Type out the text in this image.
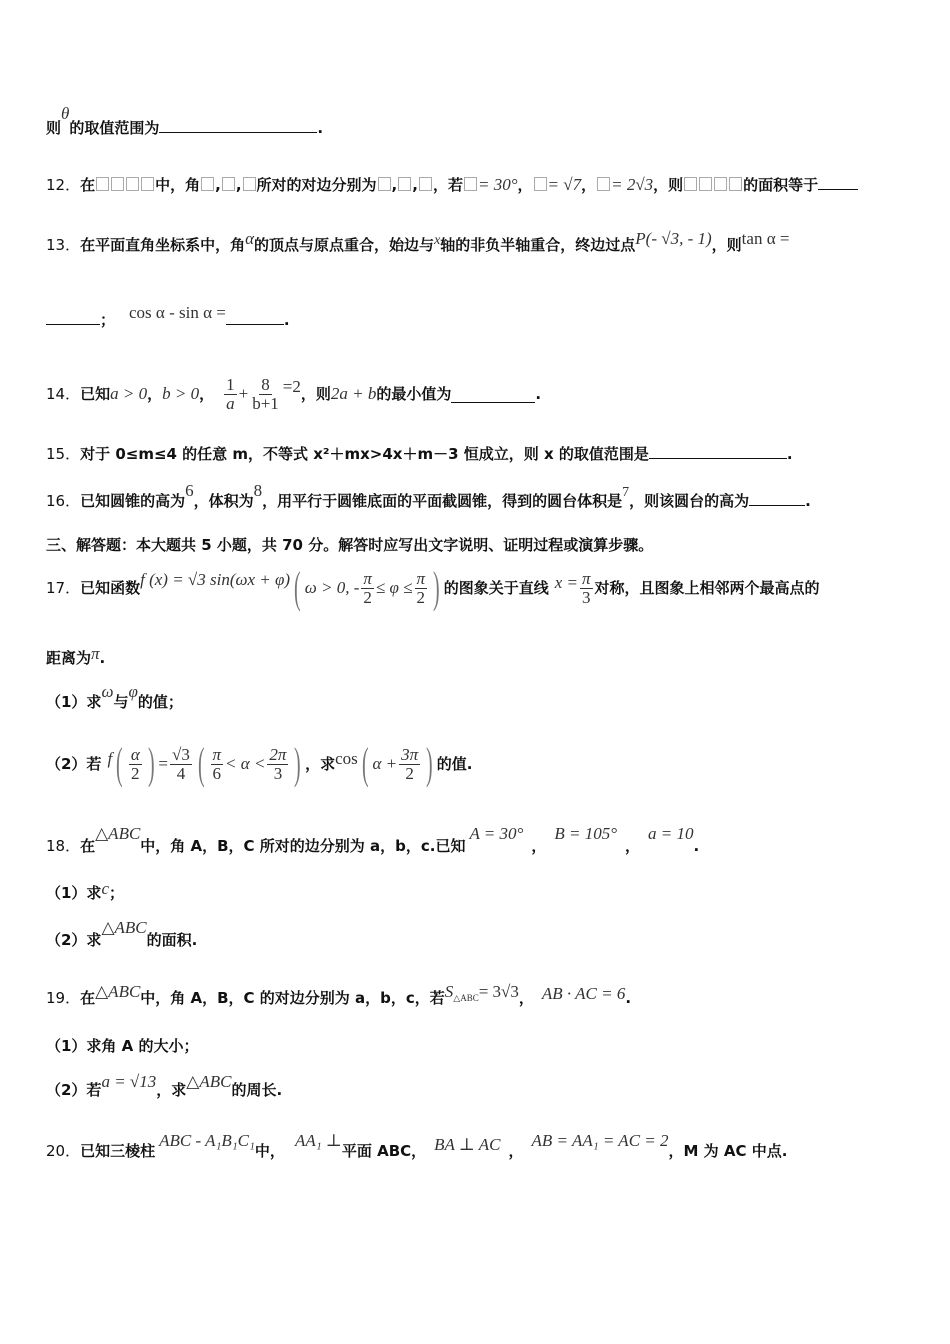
则θ的取值范围为	.
12．在	中，角 , , 所对的对边分别为 , , ，若 = 30°， = √7， = 2√3，则	的面积等于
13．在平面直角坐标系中，角α的顶点与原点重合，始边与x轴的非负半轴重合，终边过点P(- √3, - 1)，则tan α =
； cos α - sin α =	.
14． 已知 a > 0 ， b > 0 ， $\frac{1}{a} + \frac{8}{b+1} =2$ ，则 2a + b 的最小值为	.
15．对于 0≤m≤4 的任意 m，不等式 x²＋mx>4x＋m－3 恒成立，则 x 的取值范围是	.
16．已知圆锥的高为6，体积为8，用平行于圆锥底面的平面截圆锥，得到的圆台体积是7，则该圆台的高为	.
三、解答题：本大题共 5 小题，共 70 分。解答时应写出文字说明、证明过程或演算步骤。
17． 已知函数 f (x) = √3 sin(ωx + φ) ( ω > 0, - $\frac{\pi}{2} \le \varphi \le \frac{\pi}{2}$ ) 的图象关于直线 $x = \frac{\pi}{3}$ 对称，且图象上相邻两个最高点的
距离为π.
（1）求ω与φ的值；
（2）若 f ( $\frac{\alpha}{2}$ ) = $\frac{√3}{4}$ ( $\frac{\pi}{6} < \alpha < \frac{2\pi}{3}$ ) ，求 cos ( $\alpha + \frac{3\pi}{2}$ ) 的值.
18．在△ABC中，角 A，B，C 所对的边分别为 a，b，c.已知A = 30°，B = 105°，a = 10.
（1）求c；
（2）求△ABC的面积.
19．在△ABC中，角 A，B，C 的对边分别为 a，b，c，若S△ABC= 3√3， AB · AC = 6.
（1）求角 A 的大小；
（2）若a = √13，求△ABC的周长.
20．已知三棱柱ABC - A₁B₁C₁中，AA₁ ⊥平面 ABC， BA ⊥ AC ，AB = AA₁ = AC = 2，M 为 AC 中点.
